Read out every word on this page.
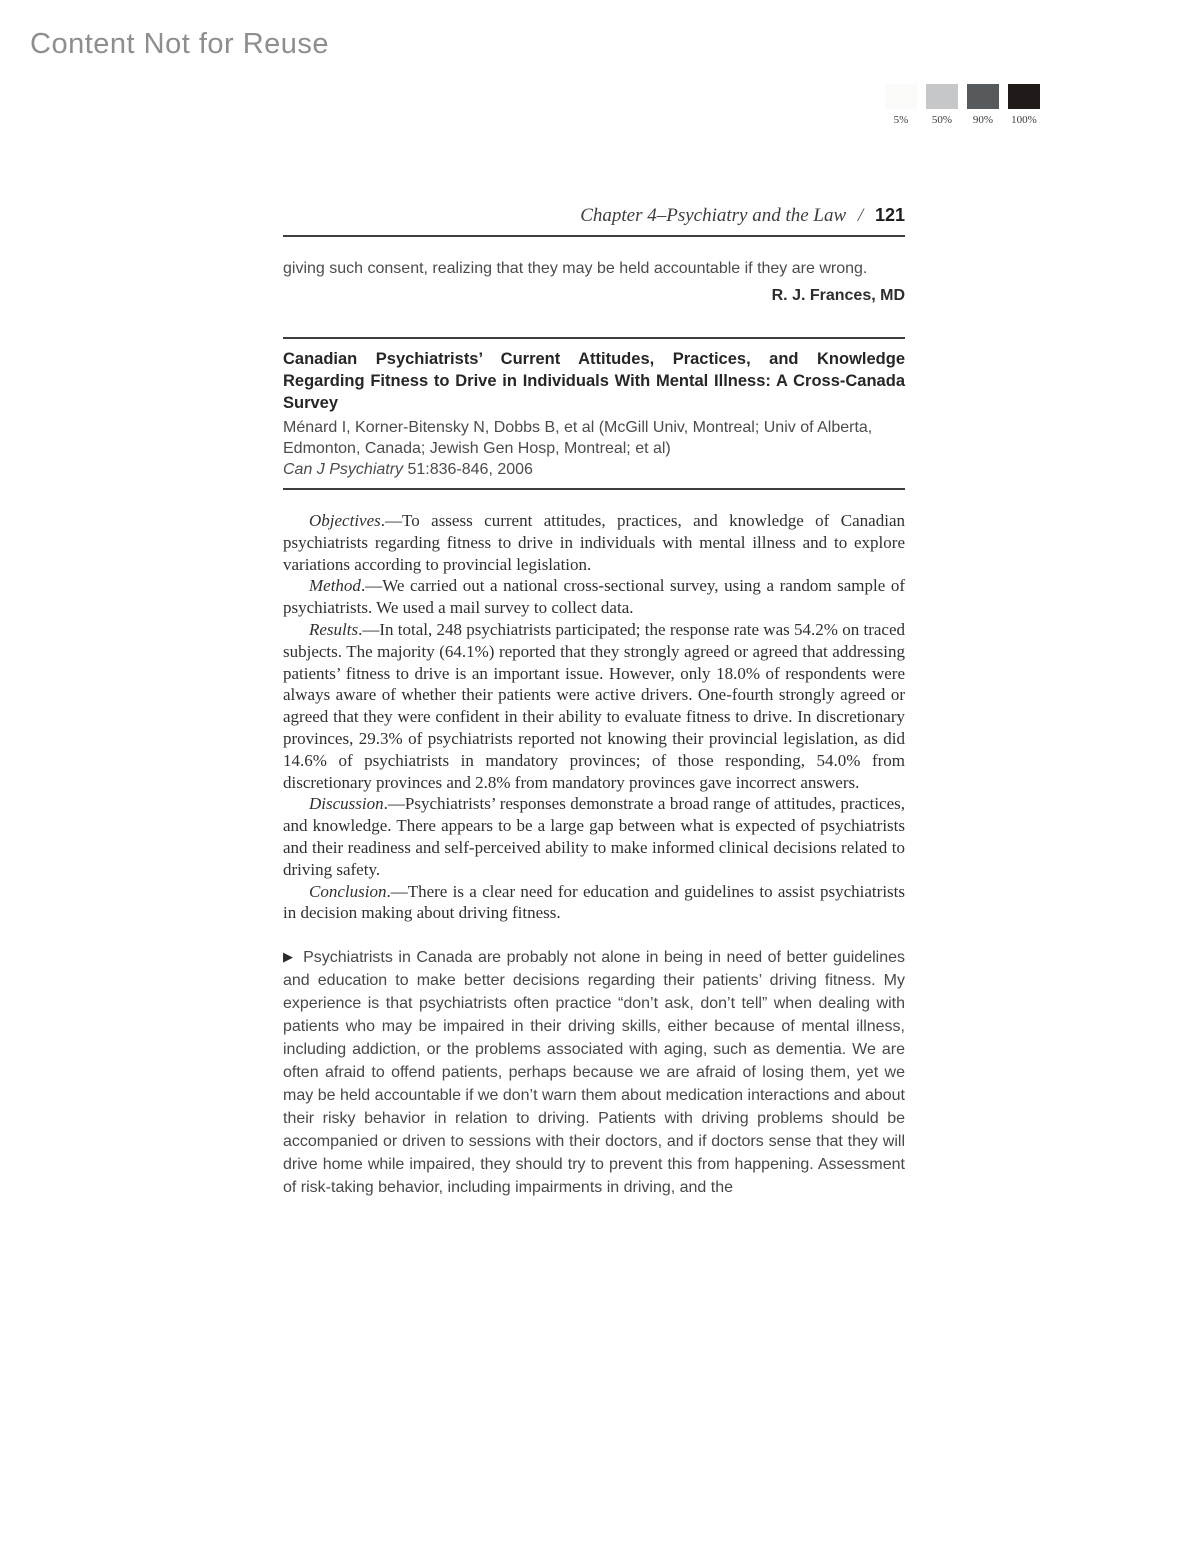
Content Not for Reuse
5% 50% 90% 100%
Chapter 4–Psychiatry and the Law / 121

giving such consent, realizing that they may be held accountable if they are wrong.

R. J. Frances, MD

Canadian Psychiatrists’ Current Attitudes, Practices, and Knowledge Regarding Fitness to Drive in Individuals With Mental Illness: A Cross-Canada Survey

Ménard I, Korner-Bitensky N, Dobbs B, et al (McGill Univ, Montreal; Univ of Alberta, Edmonton, Canada; Jewish Gen Hosp, Montreal; et al)

Can J Psychiatry 51:836-846, 2006

Objectives.—To assess current attitudes, practices, and knowledge of Canadian psychiatrists regarding fitness to drive in individuals with mental illness and to explore variations according to provincial legislation.

Method.—We carried out a national cross-sectional survey, using a random sample of psychiatrists. We used a mail survey to collect data.

Results.—In total, 248 psychiatrists participated; the response rate was 54.2% on traced subjects. The majority (64.1%) reported that they strongly agreed or agreed that addressing patients’ fitness to drive is an important issue. However, only 18.0% of respondents were always aware of whether their patients were active drivers. One-fourth strongly agreed or agreed that they were confident in their ability to evaluate fitness to drive. In discretionary provinces, 29.3% of psychiatrists reported not knowing their provincial legislation, as did 14.6% of psychiatrists in mandatory provinces; of those responding, 54.0% from discretionary provinces and 2.8% from mandatory provinces gave incorrect answers.

Discussion.—Psychiatrists’ responses demonstrate a broad range of attitudes, practices, and knowledge. There appears to be a large gap between what is expected of psychiatrists and their readiness and self-perceived ability to make informed clinical decisions related to driving safety.

Conclusion.—There is a clear need for education and guidelines to assist psychiatrists in decision making about driving fitness.

▶ Psychiatrists in Canada are probably not alone in being in need of better guidelines and education to make better decisions regarding their patients’ driving fitness. My experience is that psychiatrists often practice “don’t ask, don’t tell” when dealing with patients who may be impaired in their driving skills, either because of mental illness, including addiction, or the problems associated with aging, such as dementia. We are often afraid to offend patients, perhaps because we are afraid of losing them, yet we may be held accountable if we don’t warn them about medication interactions and about their risky behavior in relation to driving. Patients with driving problems should be accompanied or driven to sessions with their doctors, and if doctors sense that they will drive home while impaired, they should try to prevent this from happening. Assessment of risk-taking behavior, including impairments in driving, and the
